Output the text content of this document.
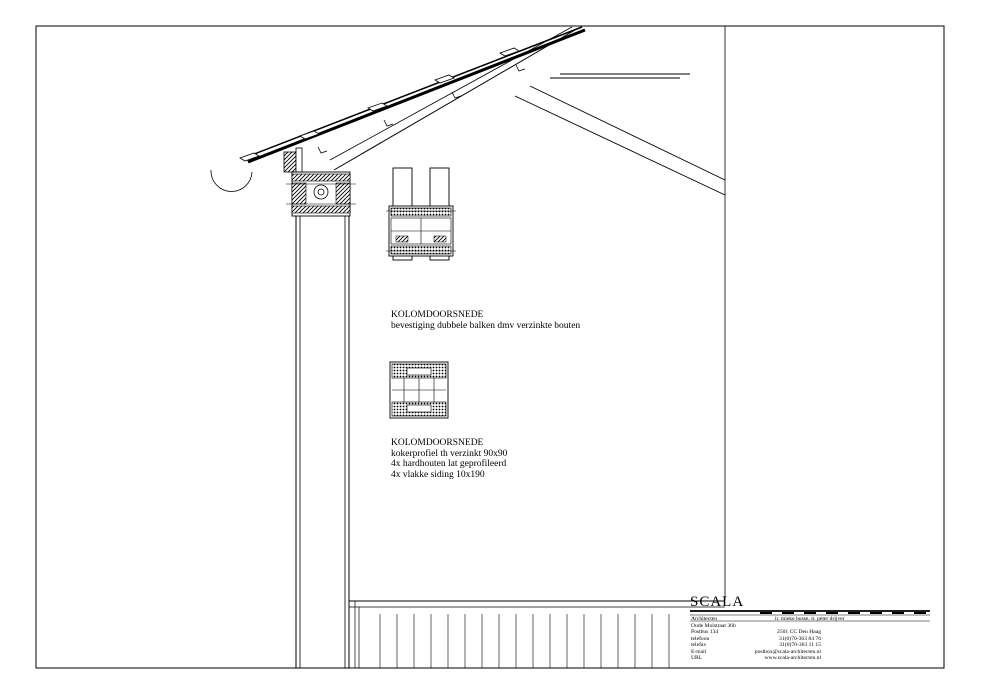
KOLOMDOORSNEDE
bevestiging dubbele balken dmv verzinkte bouten
KOLOMDOORSNEDE
kokerprofiel th verzinkt 90x90
4x hardhouten lat geprofileerd
4x vlakke siding 10x190
SCALA
Architecten	ir. mieke bosse, ir. peter drijver
Oude Molstraat 36b
Postbus 134
telefoon
telefax
E-mail
URL
2501 CC Den Haag
31(0)70-363 84 76
31(0)70-363 11 15
postbox@scala-architecten.nl
www.scala-architecten.nl
